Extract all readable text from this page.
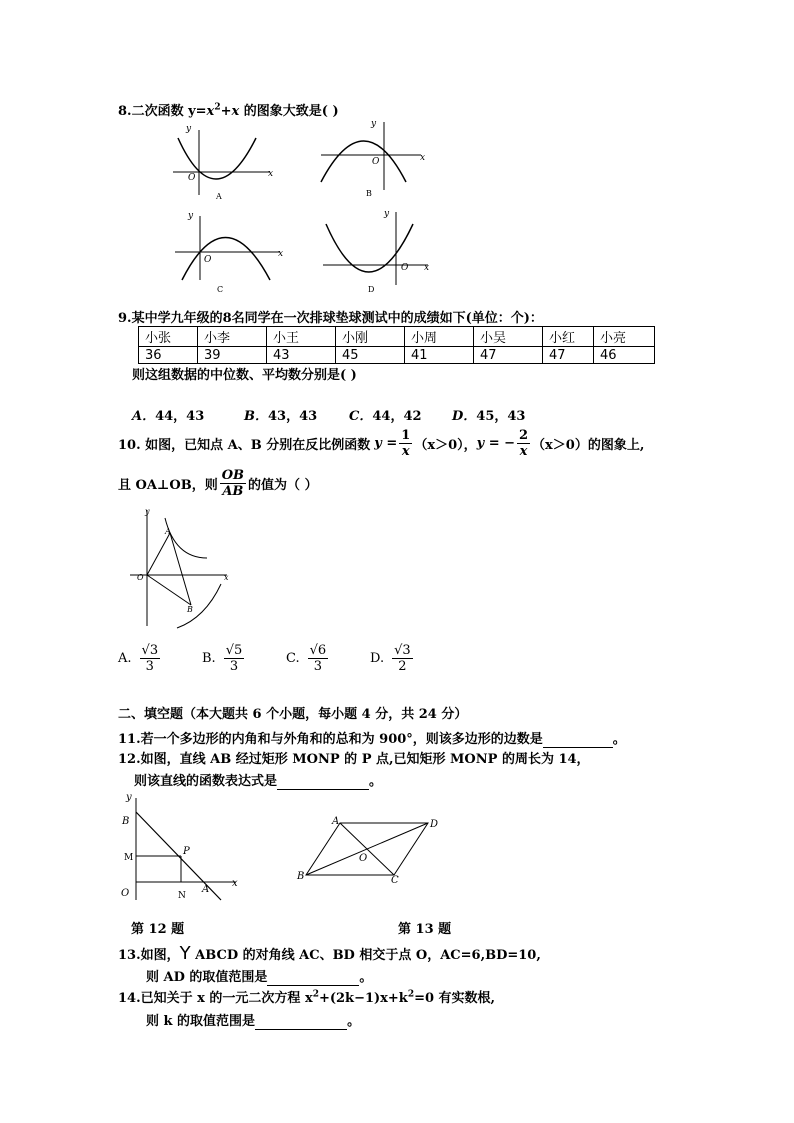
8.二次函数 $y=x^2+x$ 的图象大致是( )
y
x
O
A
y
x
O
B
y
x
O
C
y
x
O
D
9.某中学九年级的8名同学在一次排球垫球测试中的成绩如下(单位：个)：
小张	小李	小王	小刚	小周	小吴	小红	小亮
36	39	43	45	41	47	47	46
则这组数据的中位数、平均数分别是( )
A．44，43	B．43，43 C．44，42 D．45，43
10. 如图，已知点 A、B 分别在反比例函数 $y = \frac{1}{x} (x>0)$， y = − $\frac{2}{x} (x>0)$的图象上,
且 OA⊥OB，则 $\frac{OB}{AB}$ 的值为（ ）
y
x
O
A
B
A. $\frac{√3}{3}$	B. $\frac{√5}{3}$	C. $\frac{√6}{3}$	D. $\frac{√3}{2}$
二、填空题（本大题共 6 个小题，每小题 4 分，共 24 分）
11.若一个多边形的内角和与外角和的总和为 900°，则该多边形的边数是	。
12.如图，直线 AB 经过矩形 MONP 的 P 点,已知矩形 MONP 的周长为 14，
则该直线的函数表达式是	。
y
x
O
B
M
P
N
A
A	D
O
B	C
第 12 题	第 13 题
13.如图，Y ABCD 的对角线 AC、BD 相交于点 O，AC=6,BD=10,
则 AD 的取值范围是	。
14.已知关于 x 的一元二次方程 $x^2+(2k-1)x+k^2=0$ 有实数根,
则 k 的取值范围是	。
